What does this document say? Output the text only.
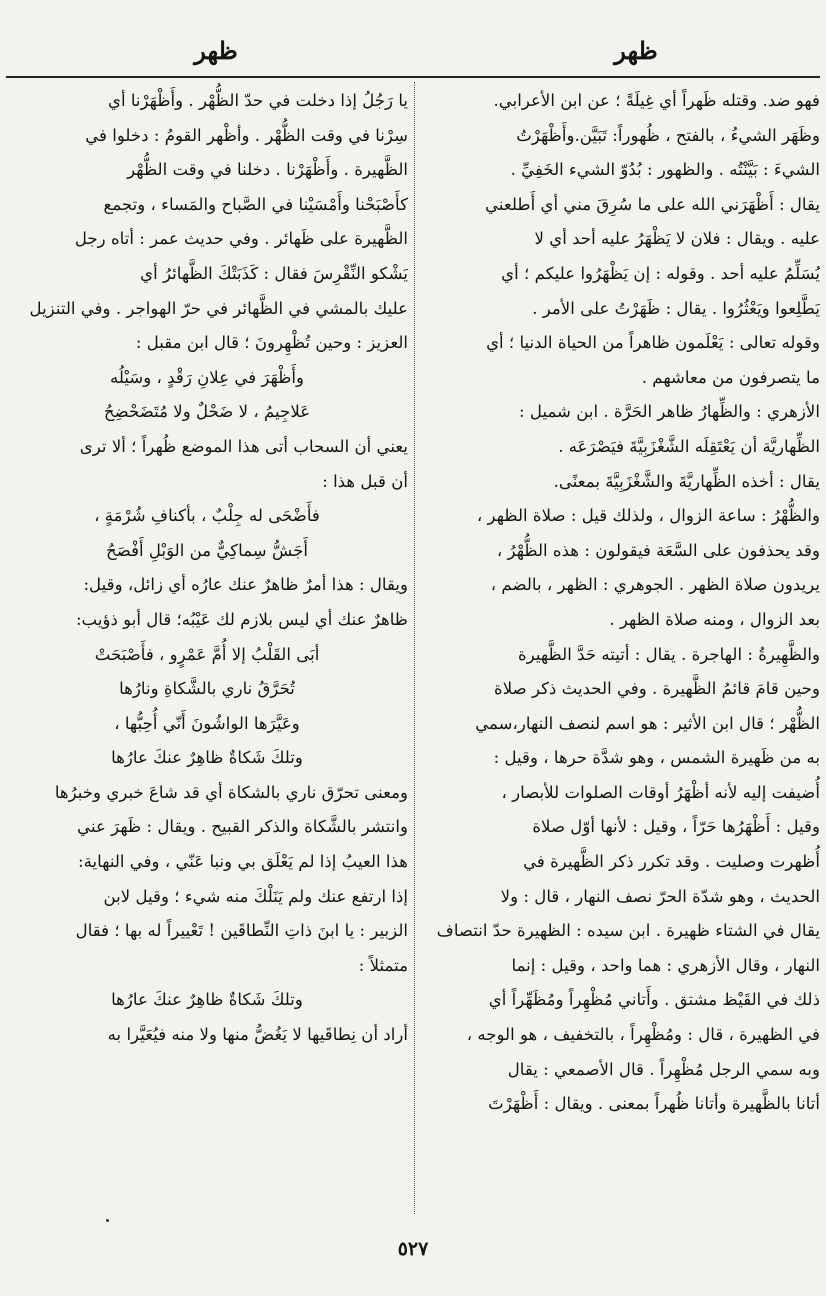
ظهر
ظهر

فهو ضد. وقتله ظَهراً أي غِيلَةً ؛ عن ابن الأعرابي.

وظَهَر الشيءُ ، بالفتح ، ظُهوراً: تَبَيَّن.وأَظْهَرْتُ

الشيءَ : بَيَّنْتُه . والظهور : بُدُوّ الشيء الخَفِيِّ .

يقال : أَظْهَرَني الله على ما سُرِقَ مني أي أَطلعني

عليه . ويقال : فلان لا يَظْهَرُ عليه أحد أي لا

يُسَلِّمُ عليه أحد . وقوله : إن يَظْهَرُوا عليكم ؛ أي

يَطَّلِعوا ويَعْثُرُوا . يقال : ظَهَرْتُ على الأمر .

وقوله تعالى : يَعْلَمون ظاهراً من الحياة الدنيا ؛ أي

ما يتصرفون من معاشهم .

الأزهري : والظِّهارُ ظاهر الحَرَّة . ابن شميل :

الظِّهاريَّة أن يَعْتَقِلَه الشَّغْزَبِيَّةَ فيَصْرَعَه .

يقال : أخذه الظِّهاريَّةَ والشَّغْزَبِيَّةَ بمعنًى.

والظُّهْرُ : ساعة الزوال ، ولذلك قيل : صلاة الظهر ،

وقد يحذفون على السَّعَة فيقولون : هذه الظُّهْرُ ،

يريدون صلاة الظهر . الجوهري : الظهر ، بالضم ،

بعد الزوال ، ومنه صلاة الظهر .

والظَّهِيرةُ : الهاجرة . يقال : أتيته حَدَّ الظَّهيرة

وحين قامَ قائمُ الظَّهيرة . وفي الحديث ذكر صلاة

الظُّهْر ؛ قال ابن الأثير : هو اسم لنصف النهار،سمي

به من ظَهيرة الشمس ، وهو شدَّة حرها ، وقيل :

أُضيفت إليه لأنه أظْهَرُ أوقات الصلوات للأبصار ،

وقيل : أَظْهَرُها حَرّاً ، وقيل : لأنها أوّل صلاة

أُظهرت وصليت . وقد تكرر ذكر الظَّهيرة في

الحديث ، وهو شدّة الحرّ نصف النهار ، قال : ولا

يقال في الشتاء ظهيرة . ابن سيده : الظهيرة حدّ انتصاف

النهار ، وقال الأزهري : هما واحد ، وقيل : إنما

ذلك في القَيْظ مشتق . وأَتاني مُظْهِراً ومُظَهِّراً أي

في الظهيرة ، قال : ومُظْهِراً ، بالتخفيف ، هو الوجه ،

وبه سمي الرجل مُظْهِراً . قال الأصمعي : يقال

أتانا بالظَّهيرة وأتانا ظُهراً بمعنى . ويقال : أَظْهَرْتَ

يا رَجُلُ إذا دخلت في حدّ الظُّهْر . وأَظْهَرْنا أي

سِرْنا في وقت الظُّهْر . وأظْهر القومُ : دخلوا في

الظَّهيرة . وأَظْهَرْنا . دخلنا في وقت الظُّهْر

كأَصْبَحْنا وأَمْسَيْنا في الصَّباح والمَساء ، وتجمع

الظَّهيرة على ظَهائر . وفي حديث عمر : أتاه رجل

يَشْكو النِّقْرِسَ فقال : كَذَبَتْكَ الظَّهائرُ أي

عليك بالمشي في الظَّهائر في حرّ الهواجر . وفي التنزيل

العزيز : وحين تُظْهِرونَ ؛ قال ابن مقبل :

وأَظْهَرَ في عِلانِ رَقْدٍ ، وسَيْلُه

عَلاجِيمُ ، لا ضَحْلٌ ولا مُتَضَحْضِحُ

يعني أن السحاب أتى هذا الموضع ظُهراً ؛ ألا ترى

أن قبل هذا :

فأَضْحَى له جِلْبٌ ، بأكنافِ شُرْمَةٍ ،

أَجَشُّ سِماكِيٌّ من الوَبْلِ أَفْصَحُ

ويقال : هذا أمرٌ ظاهرٌ عنك عارُه أي زائل، وقيل:

ظاهرٌ عنك أي ليس بلازم لك عَيْبُه؛ قال أبو ذؤيب:

أبَى القَلْبُ إلا أُمَّ عَمْرٍو ، فأَصْبَحَتْ

تُحَرَّقُ ناري بالشَّكاةِ ونارُها

وعَيَّرَها الواشُونَ أَنّي أُحِبُّها ،

وتلكَ شَكاةٌ ظاهِرٌ عنكَ عارُها

ومعنى تحرّق ناري بالشكاة أي قد شاعَ خبري وخبرُها

وانتشر بالشَّكاة والذكر القبيح . ويقال : ظَهرَ عني

هذا العيبُ إذا لم يَعْلَق بي ونبا عَنّي ، وفي النهاية:

إذا ارتفع عنك ولم يَنَلْكَ منه شيء ؛ وقيل لابن

الزبير : يا ابنَ ذاتِ النِّطاقَين ! تَعْييراً له بها ؛ فقال

متمثلاً :

وتلكَ شَكاةٌ ظاهِرٌ عنكَ عارُها

أراد أن نِطاقَيها لا يَغُضُّ منها ولا منه فيُعَيَّرا به

٥٢٧
